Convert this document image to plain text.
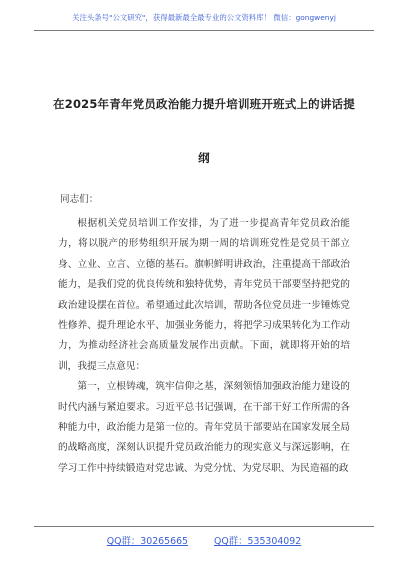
关注头条号"公文研究"，获得最新最全最专业的公文资料库！ 微信：gongwenyj
在2025年青年党员政治能力提升培训班开班式上的讲话提
纲
同志们：

根据机关党员培训工作安排，为了进一步提高青年党员政治能力，将以脱产的形势组织开展为期一周的培训班党性是党员干部立身、立业、立言、立德的基石。旗帜鲜明讲政治，注重提高干部政治能力，是我们党的优良传统和独特优势，青年党员干部要坚持把党的政治建设摆在首位。希望通过此次培训，帮助各位党员进一步锤炼党性修养、提升理论水平、加强业务能力，将把学习成果转化为工作动力，为推动经济社会高质量发展作出贡献。下面，就即将开始的培训，我提三点意见：

第一，立根铸魂，筑牢信仰之基，深刻领悟加强政治能力建设的时代内涵与紧迫要求。习近平总书记强调，在干部干好工作所需的各种能力中，政治能力是第一位的。青年党员干部要站在国家发展全局的战略高度，深刻认识提升党员政治能力的现实意义与深远影响，在学习工作中持续锻造对党忠诚、为党分忧、为党尽职、为民造福的政

QQ群：30265665	QQ群：535304092
